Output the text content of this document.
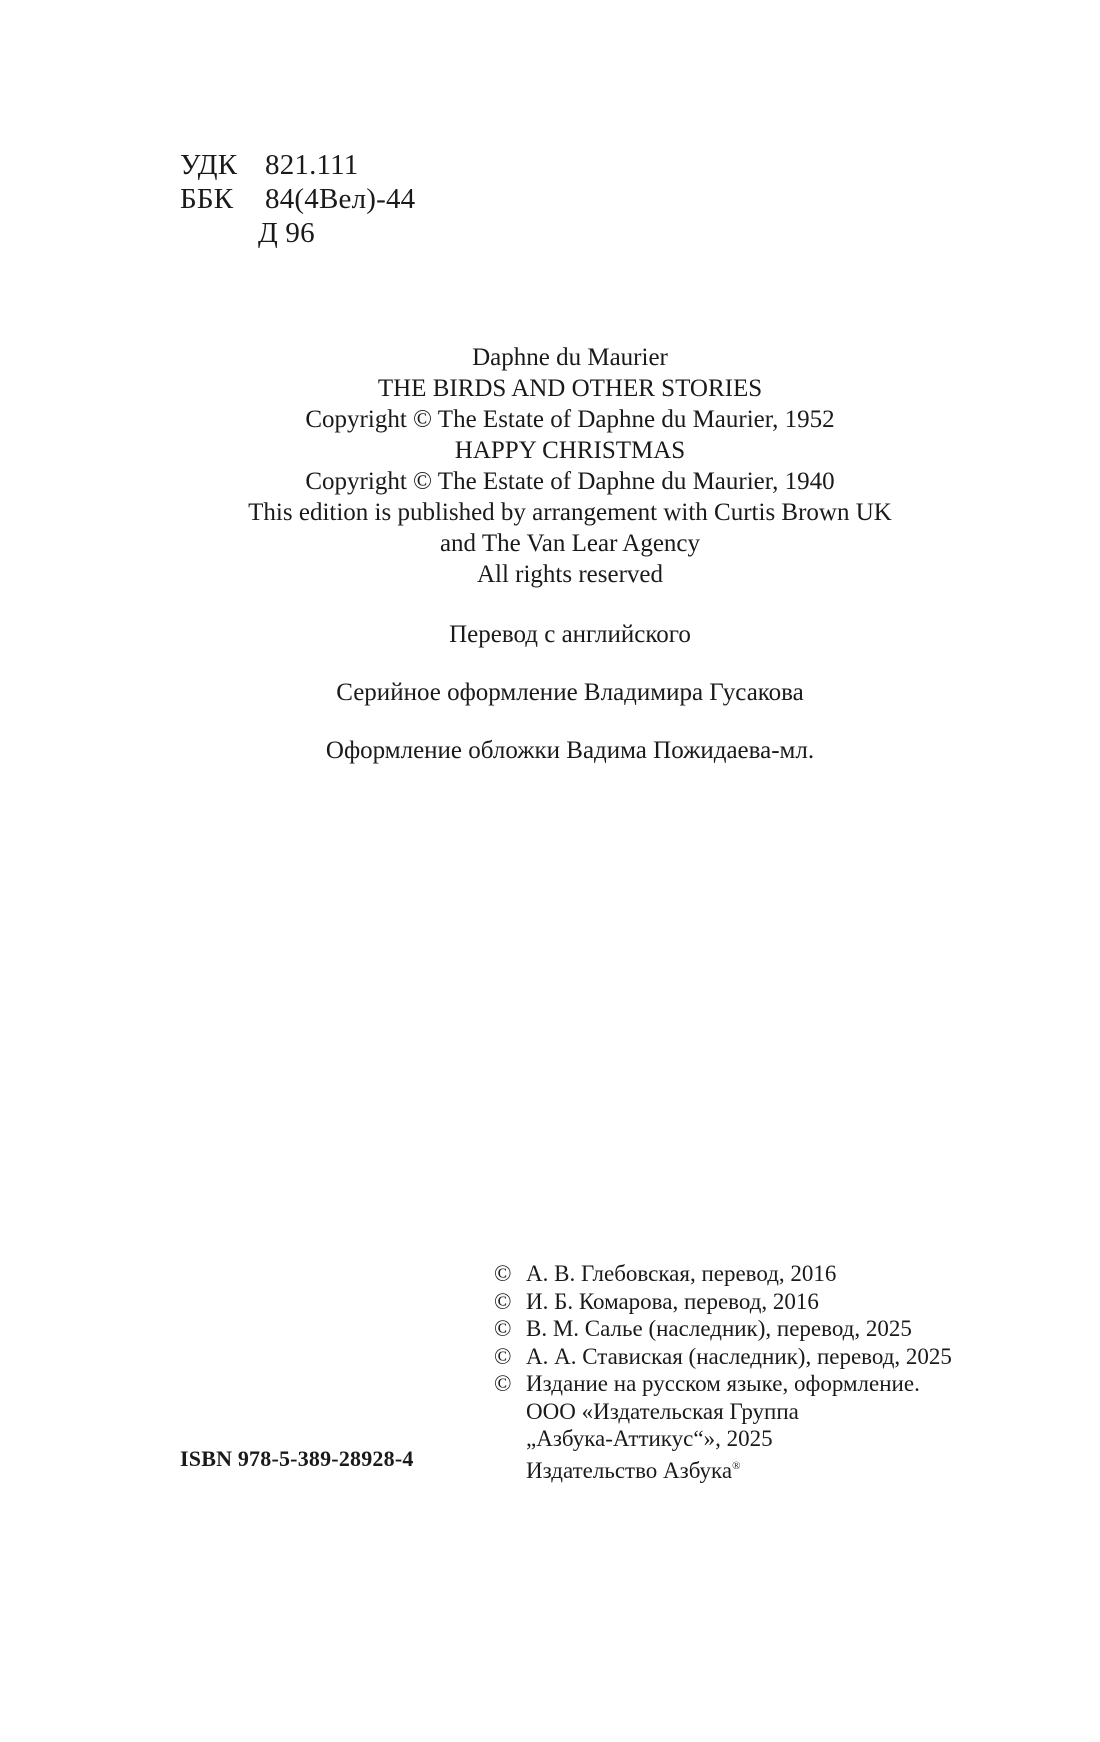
УДК 821.111
ББК 84(4Вел)-44
Д 96
Daphne du Maurier
THE BIRDS AND OTHER STORIES
Copyright © The Estate of Daphne du Maurier, 1952
HAPPY CHRISTMAS
Copyright © The Estate of Daphne du Maurier, 1940
This edition is published by arrangement with Curtis Brown UK
and The Van Lear Agency
All rights reserved
Перевод с английского
Серийное оформление Владимира Гусакова
Оформление обложки Вадима Пожидаева-мл.
© А. В. Глебовская, перевод, 2016
© И. Б. Комарова, перевод, 2016
© В. М. Салье (наследник), перевод, 2025
© А. А. Ставиская (наследник), перевод, 2025
© Издание на русском языке, оформление.
ООО «Издательская Группа
„Азбука-Аттикус“», 2025
Издательство Азбука®
ISBN 978-5-389-28928-4
